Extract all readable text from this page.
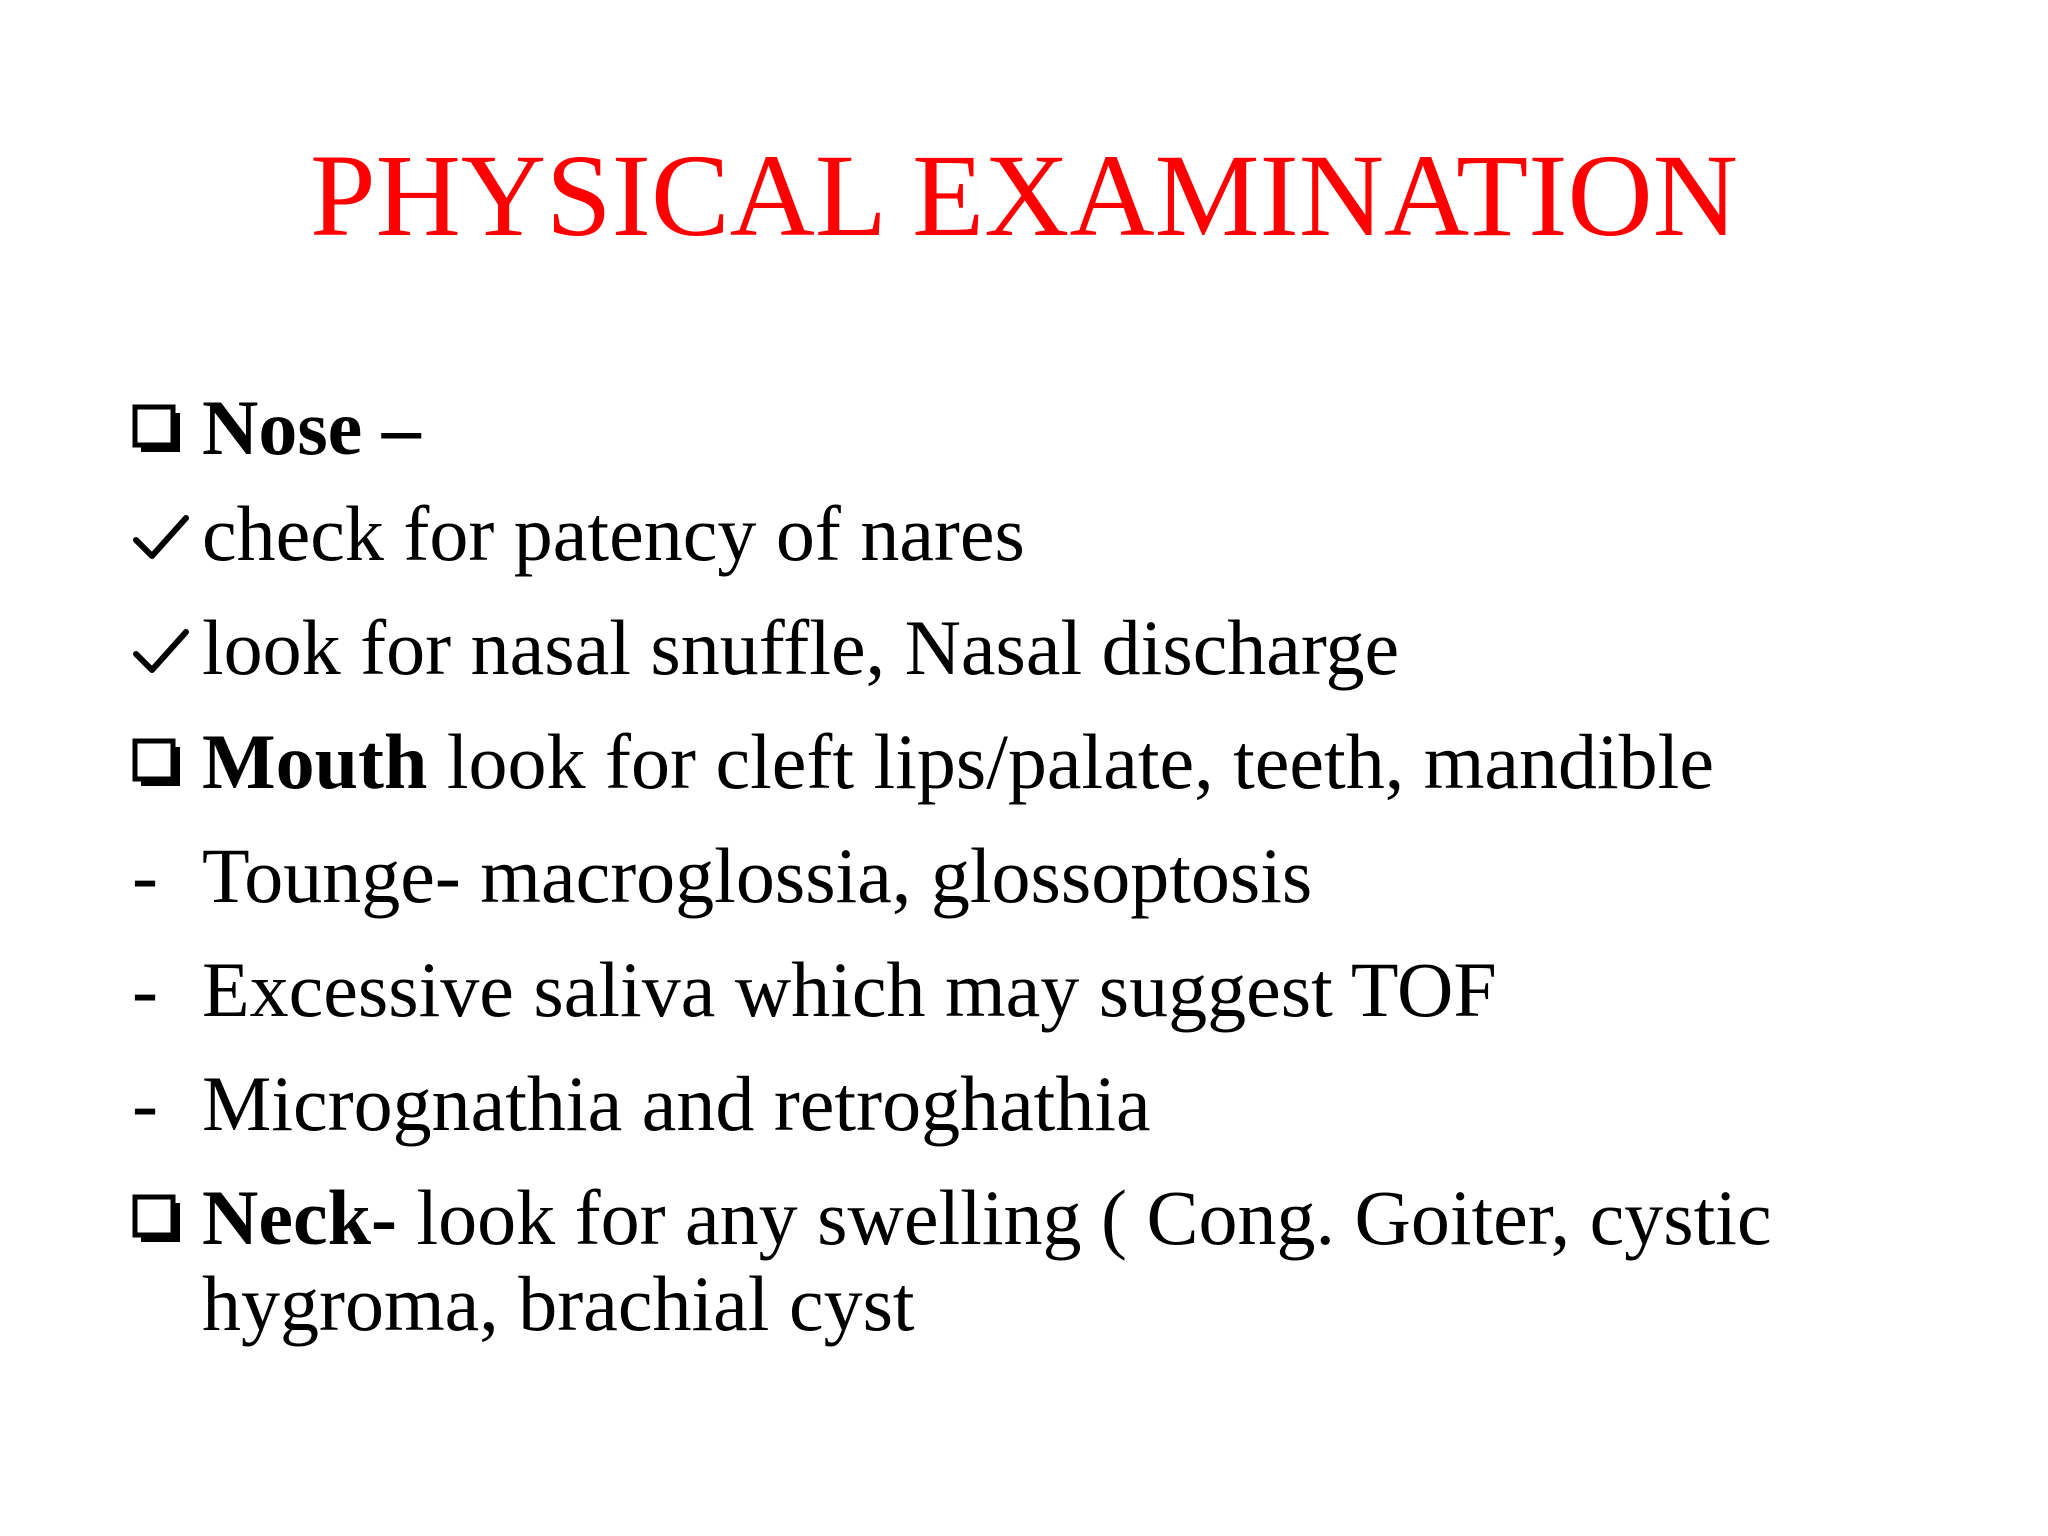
PHYSICAL EXAMINATION
Nose –
check for patency of nares
look for nasal snuffle, Nasal discharge
Mouth look for cleft lips/palate, teeth, mandible
- Tounge- macroglossia, glossoptosis
- Excessive saliva which may suggest TOF
- Micrognathia and retroghathia
Neck- look for any swelling ( Cong. Goiter, cystic
hygroma, brachial cyst
